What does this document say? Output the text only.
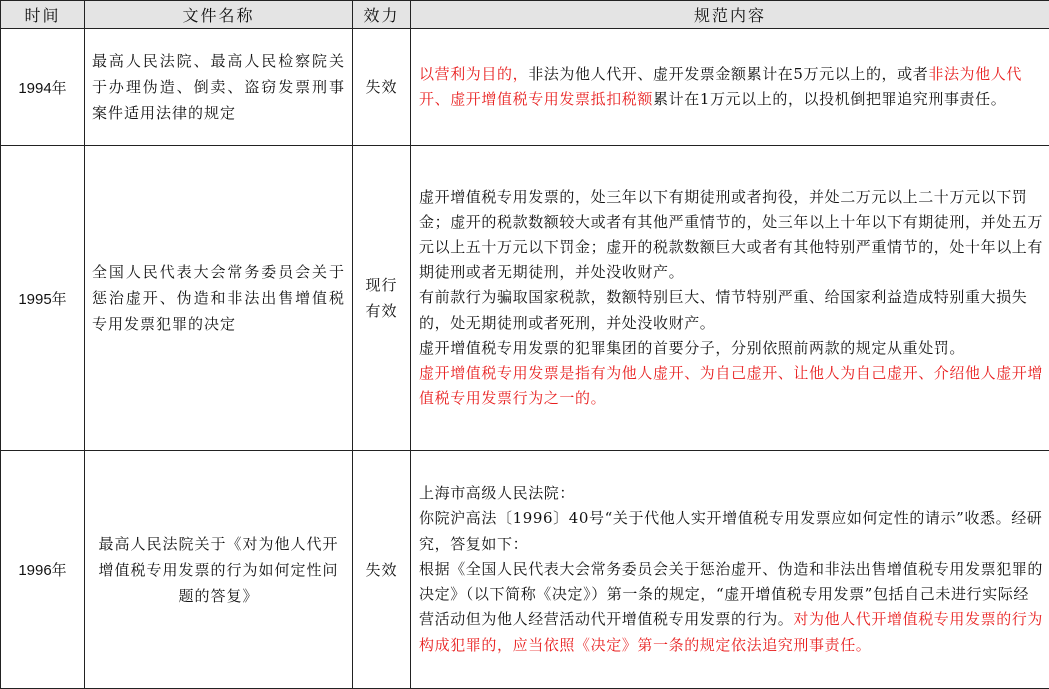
时间	文件名称	效力	规范内容
1994年	最高人民法院、最高人民检察院关于办理伪造、倒卖、盗窃发票刑事案件适用法律的规定	失效	以营利为目的，非法为他人代开、虚开发票金额累计在5万元以上的，或者非法为他人代开、虚开增值税专用发票抵扣税额累计在1万元以上的，以投机倒把罪追究刑事责任。
1995年	全国人民代表大会常务委员会关于惩治虚开、伪造和非法出售增值税专用发票犯罪的决定	现行有效	虚开增值税专用发票的，处三年以下有期徒刑或者拘役，并处二万元以上二十万元以下罚金；虚开的税款数额较大或者有其他严重情节的，处三年以上十年以下有期徒刑，并处五万元以上五十万元以下罚金；虚开的税款数额巨大或者有其他特别严重情节的，处十年以上有期徒刑或者无期徒刑，并处没收财产。
有前款行为骗取国家税款，数额特别巨大、情节特别严重、给国家利益造成特别重大损失的，处无期徒刑或者死刑，并处没收财产。
虚开增值税专用发票的犯罪集团的首要分子，分别依照前两款的规定从重处罚。
虚开增值税专用发票是指有为他人虚开、为自己虚开、让他人为自己虚开、介绍他人虚开增值税专用发票行为之一的。

1996年	最高人民法院关于《对为他人代开增值税专用发票的行为如何定性问题的答复》	失效	上海市高级人民法院：
你院沪高法〔1996〕40号“关于代他人实开增值税专用发票应如何定性的请示”收悉。经研究，答复如下：
根据《全国人民代表大会常务委员会关于惩治虚开、伪造和非法出售增值税专用发票犯罪的决定》（以下简称《决定》）第一条的规定，“虚开增值税专用发票”包括自己未进行实际经营活动但为他人经营活动代开增值税专用发票的行为。对为他人代开增值税专用发票的行为构成犯罪的，应当依照《决定》第一条的规定依法追究刑事责任。
